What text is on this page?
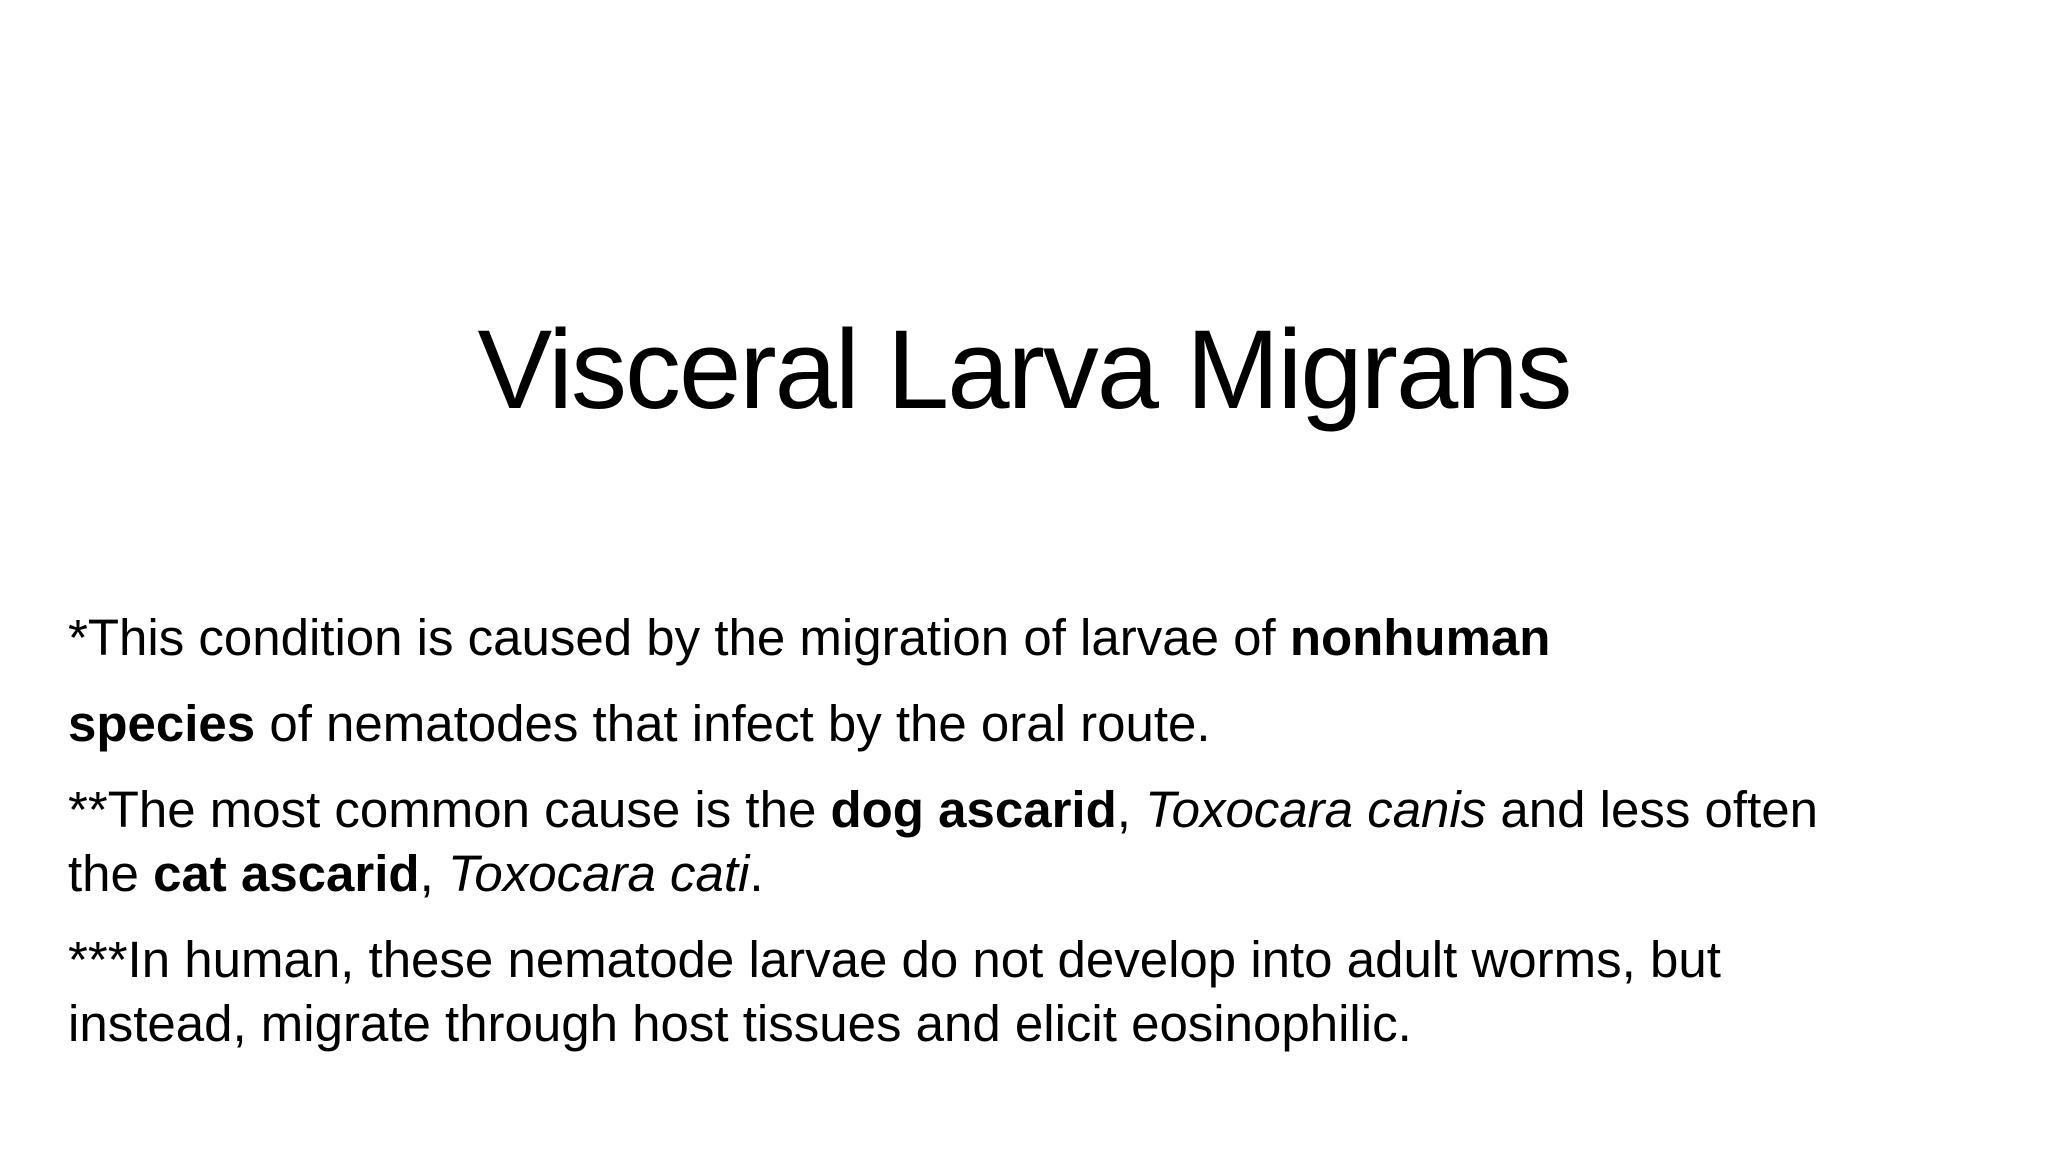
Visceral Larva Migrans

*This condition is caused by the migration of larvae of nonhuman

species of nematodes that infect by the oral route.

**The most common cause is the dog ascarid, Toxocara canis and less often
the cat ascarid, Toxocara cati.

***In human, these nematode larvae do not develop into adult worms, but
instead, migrate through host tissues and elicit eosinophilic.
